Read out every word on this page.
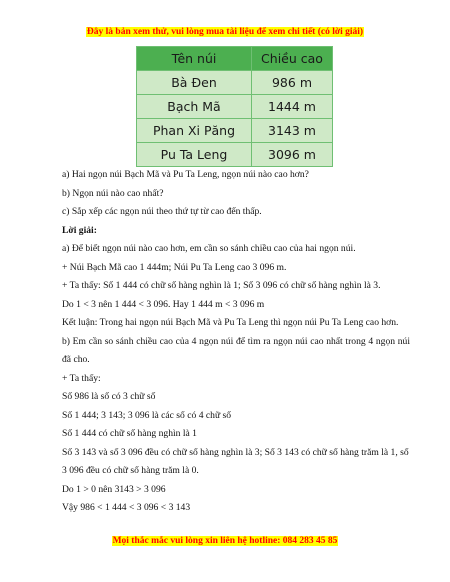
Đây là bản xem thử, vui lòng mua tài liệu để xem chi tiết (có lời giải)
Tên núi	Chiều cao
Bà Đen	986 m
Bạch Mã	1444 m
Phan Xi Păng	3143 m
Pu Ta Leng	3096 m

a) Hai ngọn núi Bạch Mã và Pu Ta Leng, ngọn núi nào cao hơn?

b) Ngọn núi nào cao nhất?

c) Sắp xếp các ngọn núi theo thứ tự từ cao đến thấp.

Lời giải:

a) Để biết ngọn núi nào cao hơn, em cần so sánh chiều cao của hai ngọn núi.

+ Núi Bạch Mã cao 1 444m; Núi Pu Ta Leng cao 3 096 m.

+ Ta thấy: Số 1 444 có chữ số hàng nghìn là 1; Số 3 096 có chữ số hàng nghìn là 3.

Do 1 < 3 nên 1 444 < 3 096. Hay 1 444 m < 3 096 m

Kết luận: Trong hai ngọn núi Bạch Mã và Pu Ta Leng thì ngọn núi Pu Ta Leng cao hơn.

b) Em cần so sánh chiều cao của 4 ngọn núi để tìm ra ngọn núi cao nhất trong 4 ngọn núi đã cho.

+ Ta thấy:

Số 986 là số có 3 chữ số

Số 1 444; 3 143; 3 096 là các số có 4 chữ số

Số 1 444 có chữ số hàng nghìn là 1

Số 3 143 và số 3 096 đều có chữ số hàng nghìn là 3; Số 3 143 có chữ số hàng trăm là 1, số 3 096 đều có chữ số hàng trăm là 0.

Do 1 > 0 nên 3143 > 3 096

Vậy 986 < 1 444 < 3 096 < 3 143

Mọi thắc mắc vui lòng xin liên hệ hotline: 084 283 45 85
